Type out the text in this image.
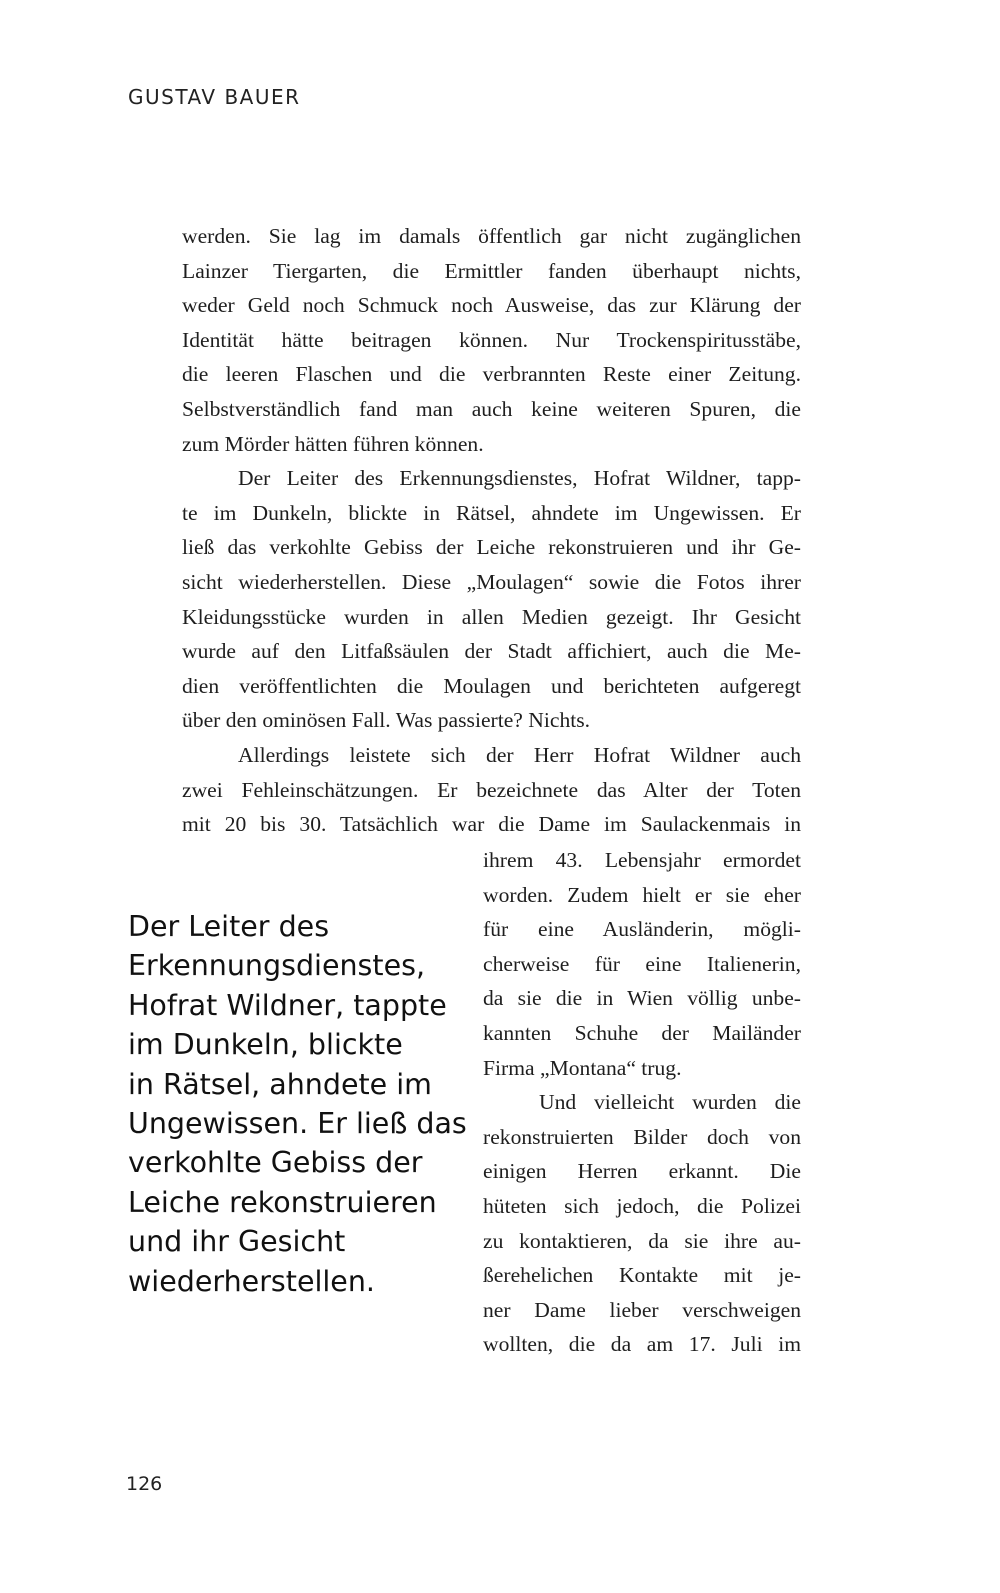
GUSTAV BAUER
werden. Sie lag im damals öffentlich gar nicht zugänglichen
Lainzer Tiergarten, die Ermittler fanden überhaupt nichts,
weder Geld noch Schmuck noch Ausweise, das zur Klärung der
Identität hätte beitragen können. Nur Trockenspiritusstäbe,
die leeren Flaschen und die verbrannten Reste einer Zeitung.
Selbstverständlich fand man auch keine weiteren Spuren, die
zum Mörder hätten führen können.
Der Leiter des Erkennungsdienstes, Hofrat Wildner, tapp-
te im Dunkeln, blickte in Rätsel, ahndete im Ungewissen. Er
ließ das verkohlte Gebiss der Leiche rekonstruieren und ihr Ge-
sicht wiederherstellen. Diese „Moulagen“ sowie die Fotos ihrer
Kleidungsstücke wurden in allen Medien gezeigt. Ihr Gesicht
wurde auf den Litfaßsäulen der Stadt affichiert, auch die Me-
dien veröffentlichten die Moulagen und berichteten aufgeregt
über den ominösen Fall. Was passierte? Nichts.
Allerdings leistete sich der Herr Hofrat Wildner auch
zwei Fehleinschätzungen. Er bezeichnete das Alter der Toten
mit 20 bis 30. Tatsächlich war die Dame im Saulackenmais in
ihrem 43. Lebensjahr ermordet
worden. Zudem hielt er sie eher
für eine Ausländerin, mögli-
cherweise für eine Italienerin,
da sie die in Wien völlig unbe-
kannten Schuhe der Mailänder
Firma „Montana“ trug.
Und vielleicht wurden die
rekonstruierten Bilder doch von
einigen Herren erkannt. Die
hüteten sich jedoch, die Polizei
zu kontaktieren, da sie ihre au-
ßerehelichen Kontakte mit je-
ner Dame lieber verschweigen
wollten, die da am 17. Juli im
Der Leiter des
Erkennungsdienstes,
Hofrat Wildner, tappte
im Dunkeln, blickte
in Rätsel, ahndete im
Ungewissen. Er ließ das
verkohlte Gebiss der
Leiche rekonstruieren
und ihr Gesicht
wiederherstellen.
126
